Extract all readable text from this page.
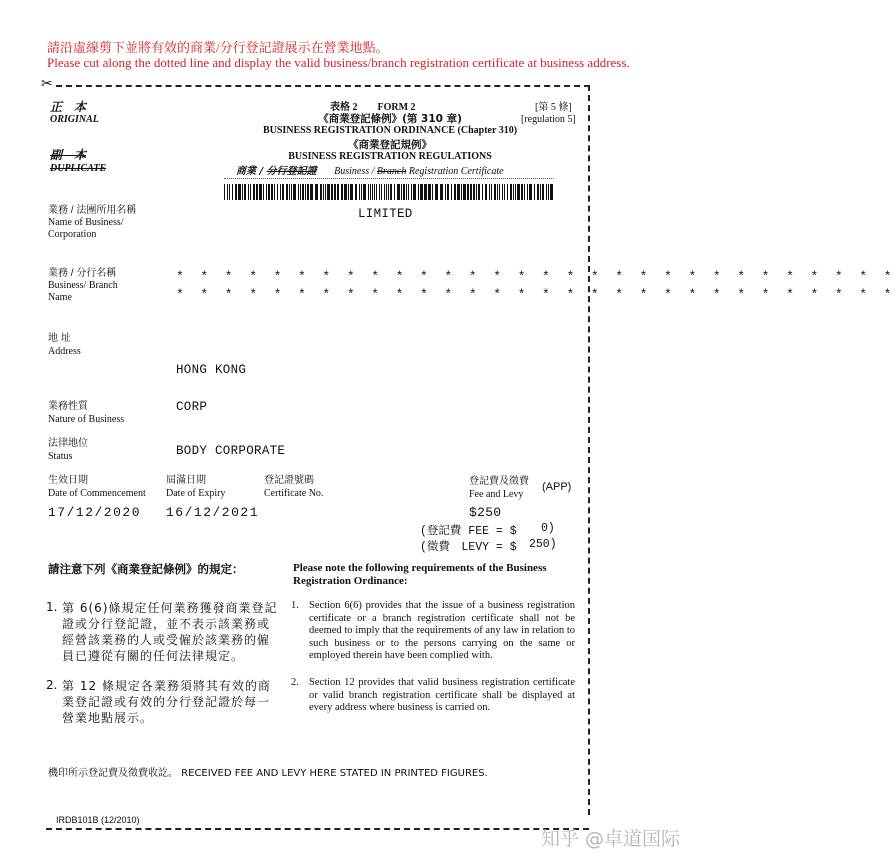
請沿虛線剪下並將有效的商業/分行登記證展示在營業地點。
Please cut along the dotted line and display the valid business/branch registration certificate at business address.
✂
正　本
ORIGINAL
副　本
DUPLICATE
表格 2　　FORM 2	[第 5 條]
[regulation 5]
《商業登記條例》(第 310 章)
BUSINESS REGISTRATION ORDINANCE (Chapter 310)
《商業登記規例》
BUSINESS REGISTRATION REGULATIONS
商業 / 分行登記證 Business / Branch Registration Certificate
業務 / 法團所用名稱
Name of Business/ Corporation
LIMITED
業務 / 分行名稱
Business/ Branch Name
* * * * * * * * * * * * * * * * * * * * * * * * * * * * * *
* * * * * * * * * * * * * * * * * * * * * * * * * * * * * *
地 址
Address
HONG KONG
業務性質
Nature of Business
CORP
法律地位
Status	BODY CORPORATE
生效日期
Date of Commencement
17/12/2020
屆滿日期
Date of Expiry
16/12/2021
登記證號碼
Certificate No.
登記費及徵費
Fee and Levy
(APP)
$250
(登記費 FEE = $ 0)
(徵費　LEVY = $ 250)
請注意下列《商業登記條例》的規定：	Please note the following requirements of the Business Registration Ordinance:
1. 第 6(6)條規定任何業務獲發商業登記證或分行登記證，並不表示該業務或經營該業務的人或受僱於該業務的僱員已遵從有關的任何法律規定。
1. Section 6(6) provides that the issue of a business registration certificate or a branch registration certificate shall not be deemed to imply that the requirements of any law in relation to such business or to the persons carrying on the same or employed therein have been complied with.
2. 第 12 條規定各業務須將其有效的商業登記證或有效的分行登記證於每一營業地點展示。
2. Section 12 provides that valid business registration certificate or valid branch registration certificate shall be displayed at every address where business is carried on.
機印所示登記費及徵費收訖。 RECEIVED FEE AND LEVY HERE STATED IN PRINTED FIGURES.
IRDB101B (12/2010)
知乎 @卓道国际
